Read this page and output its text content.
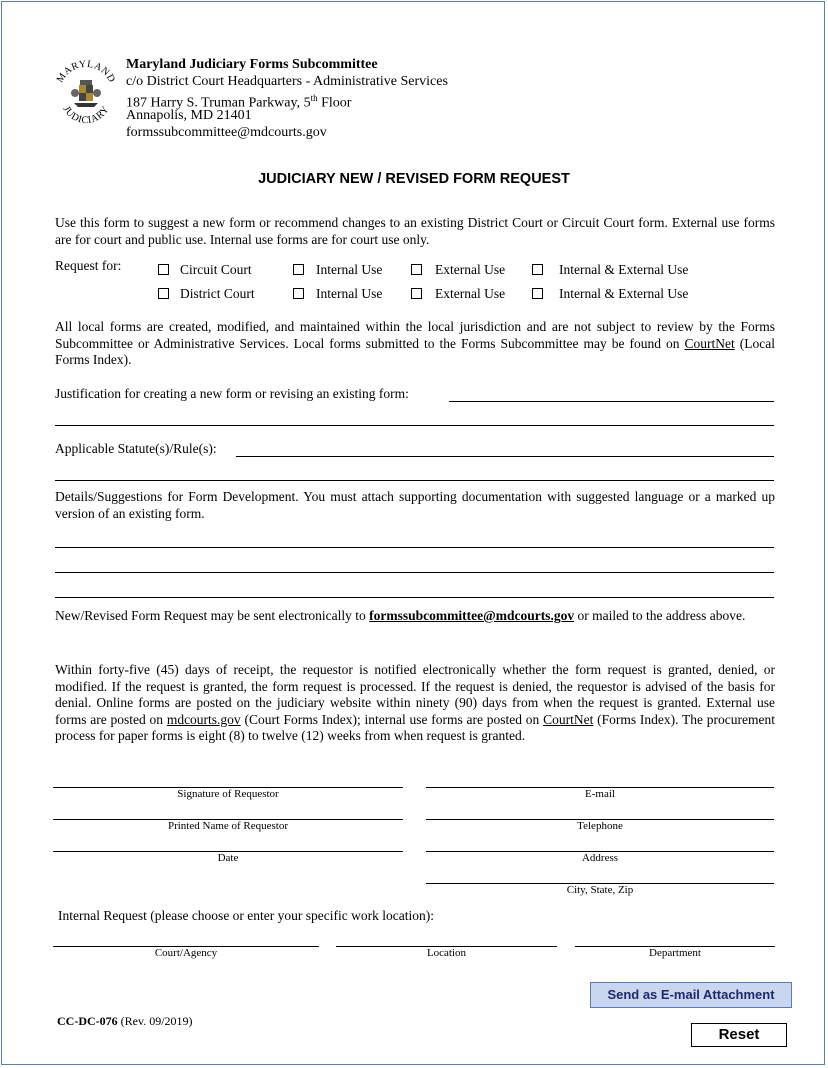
MARYLAND
JUDICIARY
Maryland Judiciary Forms Subcommittee
c/o District Court Headquarters - Administrative Services
187 Harry S. Truman Parkway, 5th Floor
Annapolis, MD 21401
formssubcommittee@mdcourts.gov
JUDICIARY NEW / REVISED FORM REQUEST
Use this form to suggest a new form or recommend changes to an existing District Court or Circuit Court form. External use forms are for court and public use. Internal use forms are for court use only.
Request for:	Circuit Court	Internal Use	External Use	Internal & External Use
District Court	Internal Use	External Use	Internal & External Use
All local forms are created, modified, and maintained within the local jurisdiction and are not subject to review by the Forms Subcommittee or Administrative Services. Local forms submitted to the Forms Subcommittee may be found on CourtNet (Local Forms Index).
Justification for creating a new form or revising an existing form:
Applicable Statute(s)/Rule(s):
Details/Suggestions for Form Development. You must attach supporting documentation with suggested language or a marked up version of an existing form.
New/Revised Form Request may be sent electronically to formssubcommittee@mdcourts.gov or mailed to the address above.
Within forty-five (45) days of receipt, the requestor is notified electronically whether the form request is granted, denied, or modified. If the request is granted, the form request is processed. If the request is denied, the requestor is advised of the basis for denial. Online forms are posted on the judiciary website within ninety (90) days from when the request is granted. External use forms are posted on mdcourts.gov (Court Forms Index); internal use forms are posted on CourtNet (Forms Index). The procurement process for paper forms is eight (8) to twelve (12) weeks from when request is granted.
Signature of Requestor
Printed Name of Requestor
Date
E-mail
Telephone
Address
City, State, Zip
Internal Request (please choose or enter your specific work location):
Court/Agency	Location	Department
Send as E-mail Attachment
Reset
CC-DC-076 (Rev. 09/2019)
